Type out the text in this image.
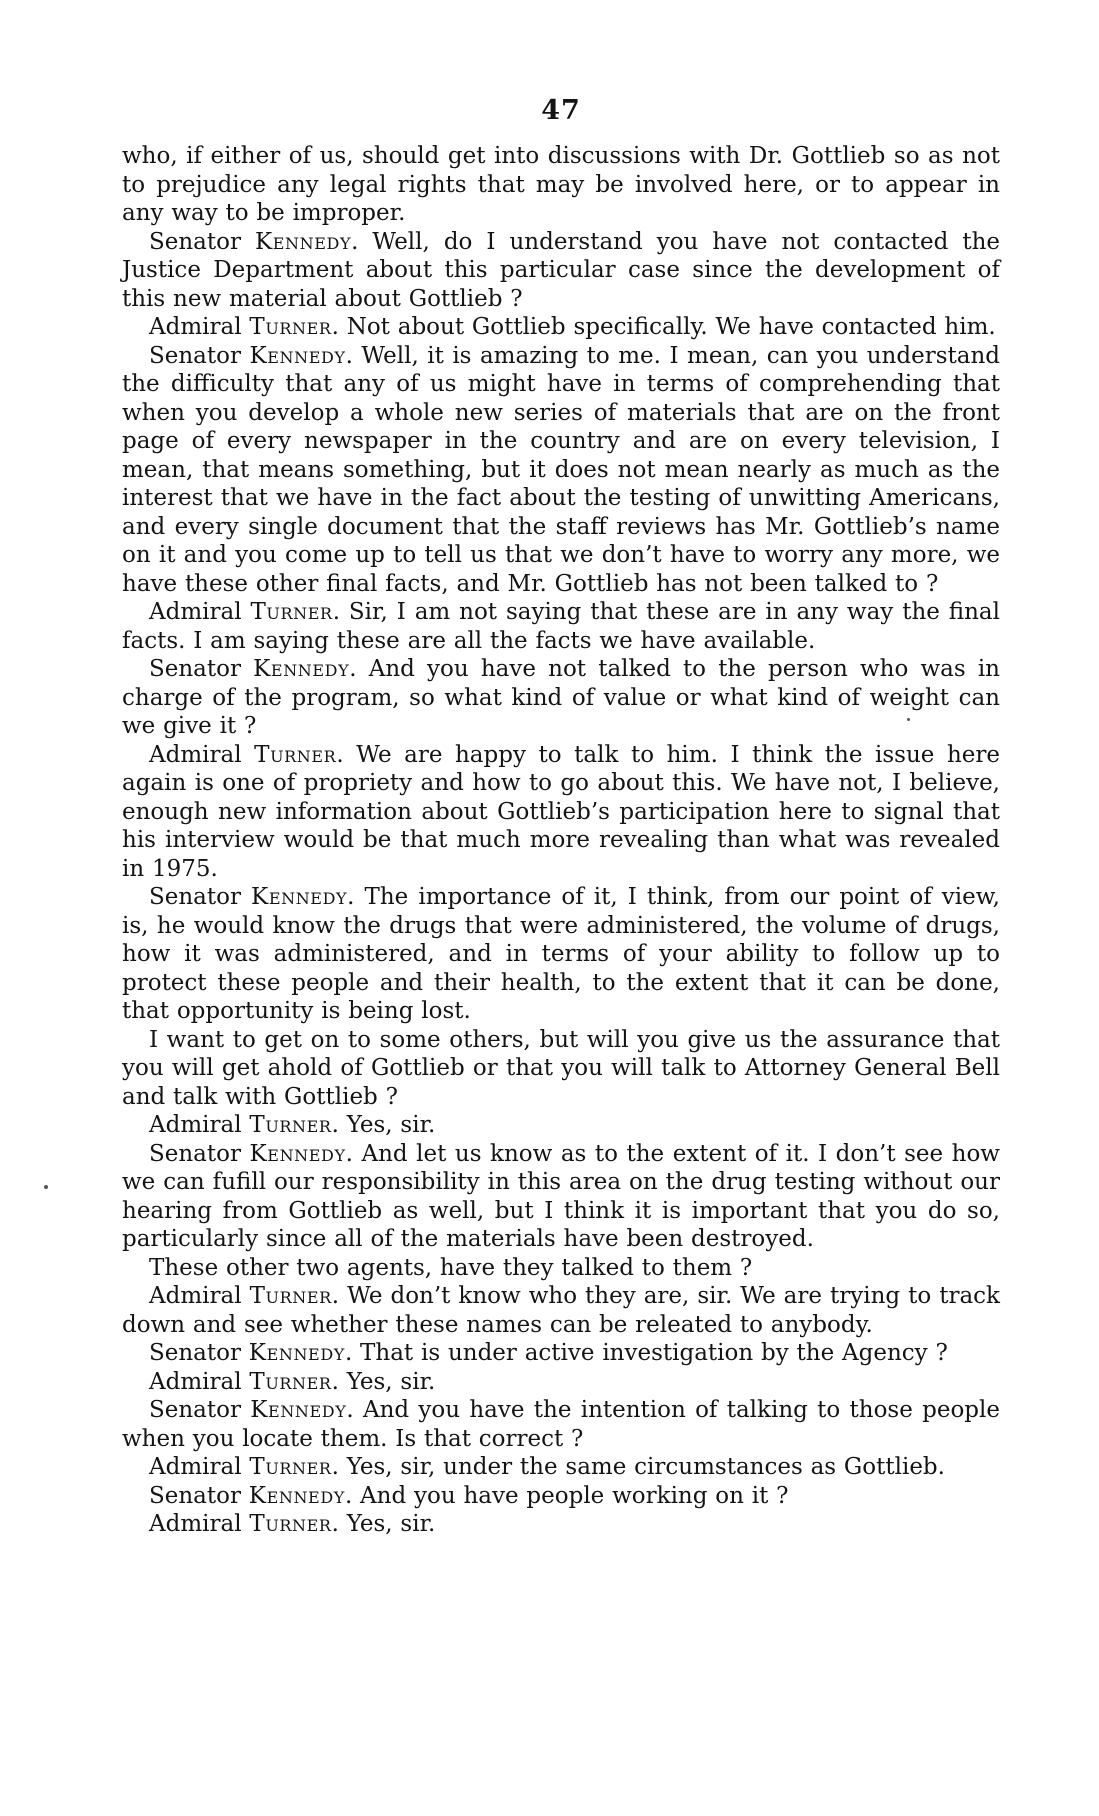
47

who, if either of us, should get into discussions with Dr. Gottlieb so as not to prejudice any legal rights that may be involved here, or to appear in any way to be improper.

Senator Kennedy. Well, do I understand you have not contacted the Justice Department about this particular case since the development of this new material about Gottlieb ?

Admiral Turner. Not about Gottlieb specifically. We have contacted him.

Senator Kennedy. Well, it is amazing to me. I mean, can you understand the difficulty that any of us might have in terms of comprehending that when you develop a whole new series of materials that are on the front page of every newspaper in the country and are on every television, I mean, that means something, but it does not mean nearly as much as the interest that we have in the fact about the testing of unwitting Americans, and every single document that the staff reviews has Mr. Gottlieb’s name on it and you come up to tell us that we don’t have to worry any more, we have these other final facts, and Mr. Gottlieb has not been talked to ?

Admiral Turner. Sir, I am not saying that these are in any way the final facts. I am saying these are all the facts we have available.

Senator Kennedy. And you have not talked to the person who was in charge of the program, so what kind of value or what kind of weight can we give it ?

Admiral Turner. We are happy to talk to him. I think the issue here again is one of propriety and how to go about this. We have not, I believe, enough new information about Gottlieb’s participation here to signal that his interview would be that much more revealing than what was revealed in 1975.

Senator Kennedy. The importance of it, I think, from our point of view, is, he would know the drugs that were administered, the volume of drugs, how it was administered, and in terms of your ability to follow up to protect these people and their health, to the extent that it can be done, that opportunity is being lost.

I want to get on to some others, but will you give us the assurance that you will get ahold of Gottlieb or that you will talk to Attorney General Bell and talk with Gottlieb ?

Admiral Turner. Yes, sir.

Senator Kennedy. And let us know as to the extent of it. I don’t see how we can fufill our responsibility in this area on the drug testing without our hearing from Gottlieb as well, but I think it is important that you do so, particularly since all of the materials have been destroyed.

These other two agents, have they talked to them ?

Admiral Turner. We don’t know who they are, sir. We are trying to track down and see whether these names can be releated to anybody.

Senator Kennedy. That is under active investigation by the Agency ?

Admiral Turner. Yes, sir.

Senator Kennedy. And you have the intention of talking to those people when you locate them. Is that correct ?

Admiral Turner. Yes, sir, under the same circumstances as Gottlieb.

Senator Kennedy. And you have people working on it ?

Admiral Turner. Yes, sir.
